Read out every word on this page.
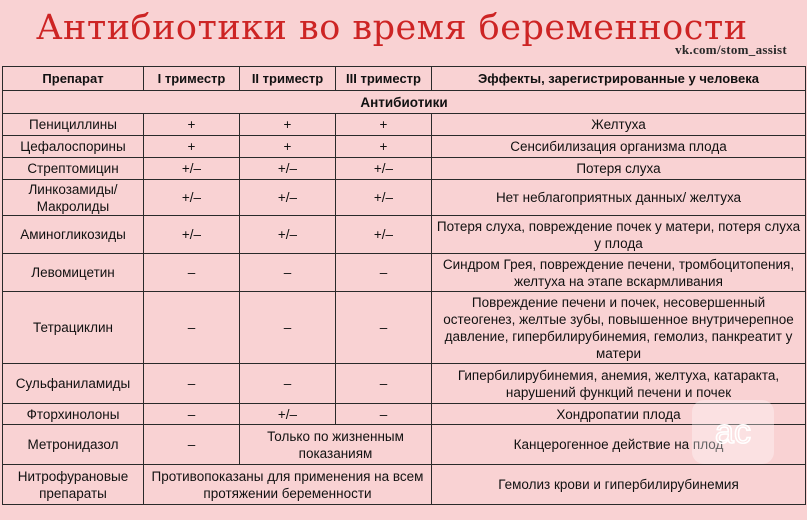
Антибиотики во время беременности
vk.com/stom_assist
Препарат	I триместр	II триместр	III триместр	Эффекты, зарегистрированные у человека
Антибиотики				
Пенициллины	+	+	+	Желтуха
Цефалоспорины	+	+	+	Сенсибилизация организма плода
Стрептомицин	+/–	+/–	+/–	Потеря слуха
Линкозамиды/ Макролиды	+/–	+/–	+/–	Нет неблагоприятных данных/ желтуха
Аминогликозиды	+/–	+/–	+/–	Потеря слуха, повреждение почек у матери, потеря слуха у плода
Левомицетин	–	–	–	Синдром Грея, повреждение печени, тромбоцитопения, желтуха на этапе вскармливания
Тетрациклин	–	–	–	Повреждение печени и почек, несовершенный остеогенез, желтые зубы, повышенное внутричерепное давление, гипербилирубинемия, гемолиз, панкреатит у матери
Сульфаниламиды	–	–	–	Гипербилирубинемия, анемия, желтуха, катаракта, нарушений функций печени и почек
Фторхинолоны	–	+/–	–	Хондропатии плода
Метронидазол	–	Только по жизненным показаниям		Канцерогенное действие на плод
Нитрофурановые препараты	Противопоказаны для применения на всем протяжении беременности			Гемолиз крови и гипербилирубинемия
ac
